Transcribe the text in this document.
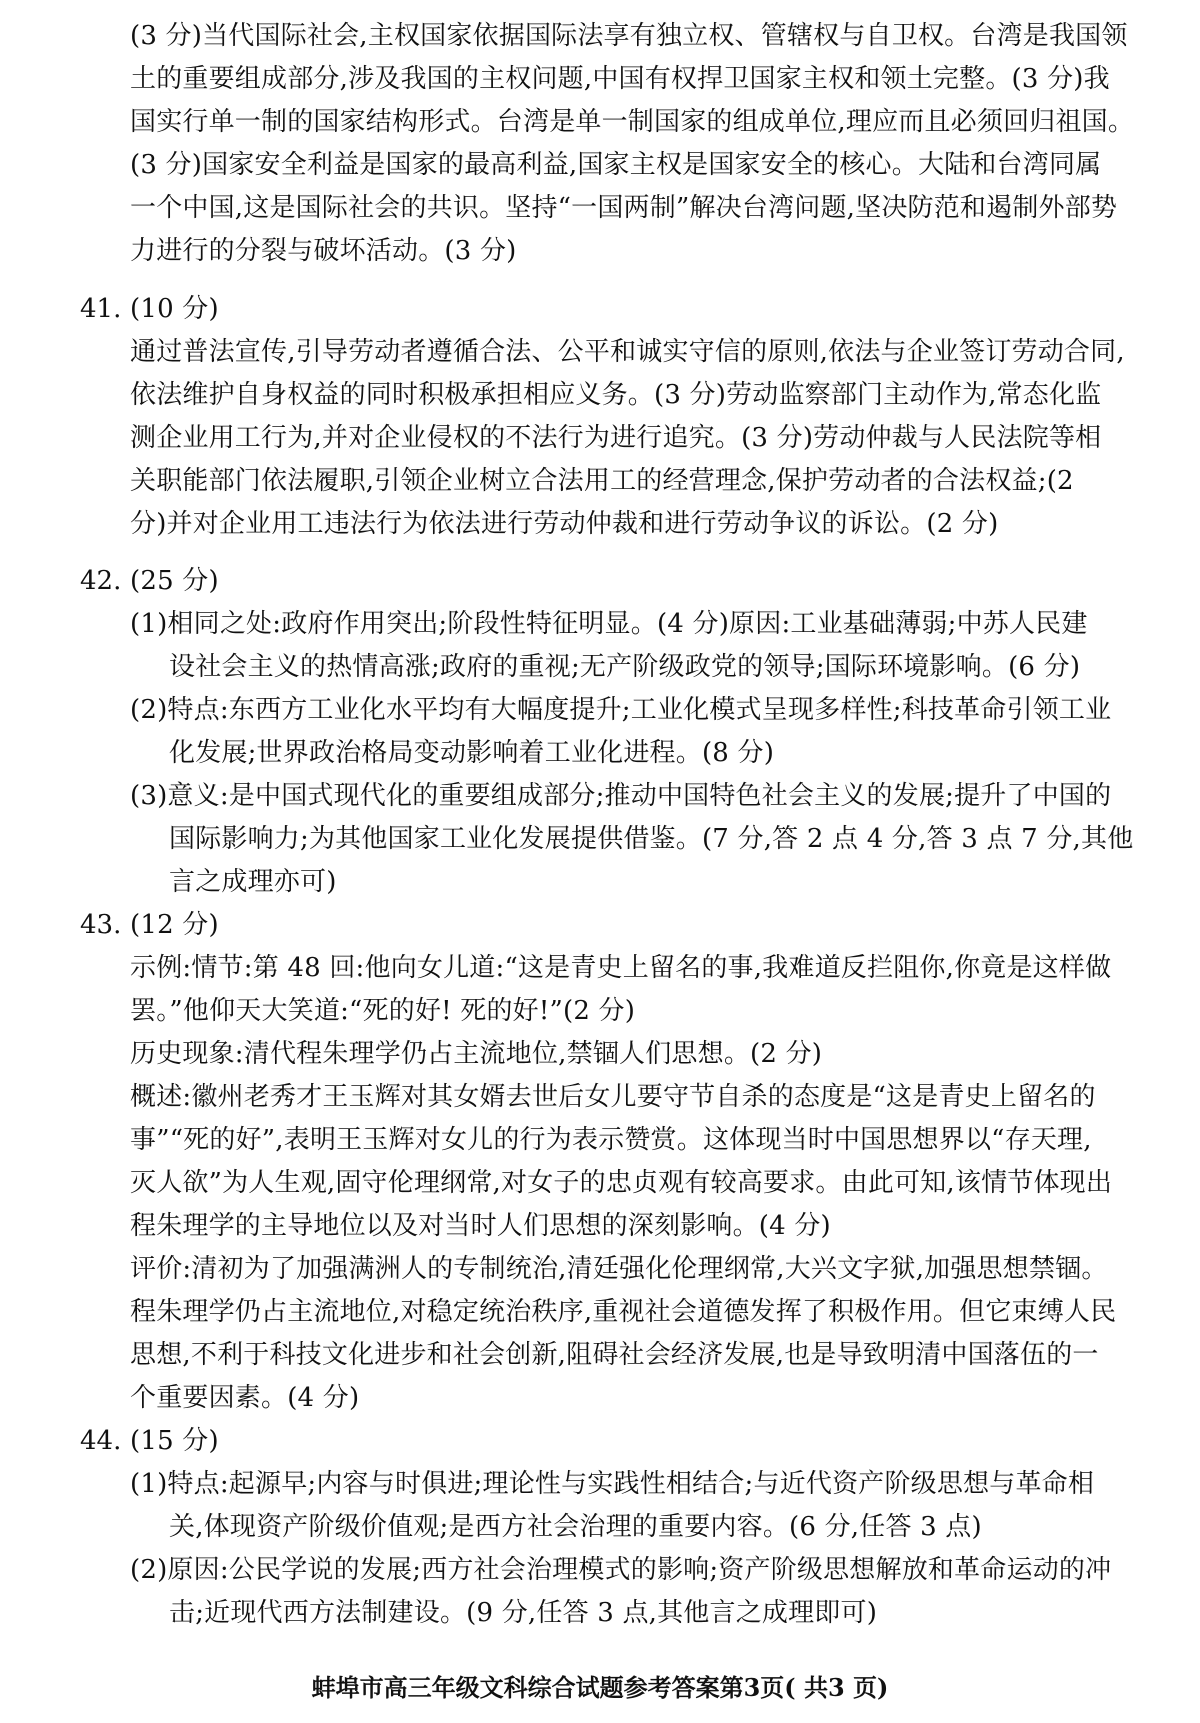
(3 分)当代国际社会,主权国家依据国际法享有独立权、管辖权与自卫权。台湾是我国领
土的重要组成部分,涉及我国的主权问题,中国有权捍卫国家主权和领土完整。(3 分)我
国实行单一制的国家结构形式。台湾是单一制国家的组成单位,理应而且必须回归祖国。
(3 分)国家安全利益是国家的最高利益,国家主权是国家安全的核心。大陆和台湾同属
一个中国,这是国际社会的共识。坚持“一国两制”解决台湾问题,坚决防范和遏制外部势
力进行的分裂与破坏活动。(3 分)
41. (10 分)
通过普法宣传,引导劳动者遵循合法、公平和诚实守信的原则,依法与企业签订劳动合同,
依法维护自身权益的同时积极承担相应义务。(3 分)劳动监察部门主动作为,常态化监
测企业用工行为,并对企业侵权的不法行为进行追究。(3 分)劳动仲裁与人民法院等相
关职能部门依法履职,引领企业树立合法用工的经营理念,保护劳动者的合法权益;(2
分)并对企业用工违法行为依法进行劳动仲裁和进行劳动争议的诉讼。(2 分)
42. (25 分)
(1)相同之处:政府作用突出;阶段性特征明显。(4 分)原因:工业基础薄弱;中苏人民建
设社会主义的热情高涨;政府的重视;无产阶级政党的领导;国际环境影响。(6 分)
(2)特点:东西方工业化水平均有大幅度提升;工业化模式呈现多样性;科技革命引领工业
化发展;世界政治格局变动影响着工业化进程。(8 分)
(3)意义:是中国式现代化的重要组成部分;推动中国特色社会主义的发展;提升了中国的
国际影响力;为其他国家工业化发展提供借鉴。(7 分,答 2 点 4 分,答 3 点 7 分,其他
言之成理亦可)
43. (12 分)
示例:情节:第 48 回:他向女儿道:“这是青史上留名的事,我难道反拦阻你,你竟是这样做
罢。”他仰天大笑道:“死的好! 死的好!”(2 分)
历史现象:清代程朱理学仍占主流地位,禁锢人们思想。(2 分)
概述:徽州老秀才王玉辉对其女婿去世后女儿要守节自杀的态度是“这是青史上留名的
事”“死的好”,表明王玉辉对女儿的行为表示赞赏。这体现当时中国思想界以“存天理,
灭人欲”为人生观,固守伦理纲常,对女子的忠贞观有较高要求。由此可知,该情节体现出
程朱理学的主导地位以及对当时人们思想的深刻影响。(4 分)
评价:清初为了加强满洲人的专制统治,清廷强化伦理纲常,大兴文字狱,加强思想禁锢。
程朱理学仍占主流地位,对稳定统治秩序,重视社会道德发挥了积极作用。但它束缚人民
思想,不利于科技文化进步和社会创新,阻碍社会经济发展,也是导致明清中国落伍的一
个重要因素。(4 分)
44. (15 分)
(1)特点:起源早;内容与时俱进;理论性与实践性相结合;与近代资产阶级思想与革命相
关,体现资产阶级价值观;是西方社会治理的重要内容。(6 分,任答 3 点)
(2)原因:公民学说的发展;西方社会治理模式的影响;资产阶级思想解放和革命运动的冲
击;近现代西方法制建设。(9 分,任答 3 点,其他言之成理即可)
蚌埠市高三年级文科综合试题参考答案第3页( 共3 页)
